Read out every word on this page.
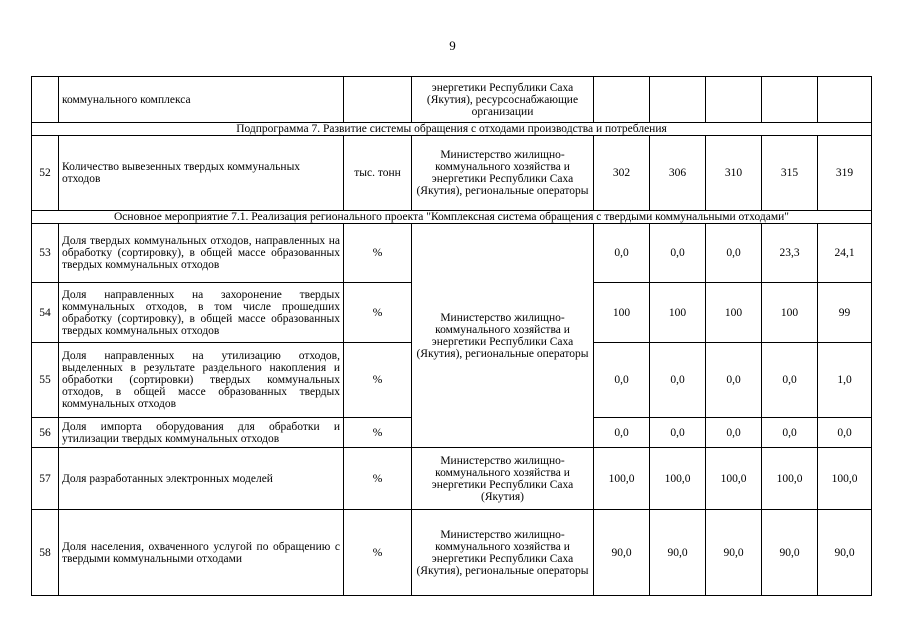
9
	коммунального комплекса		энергетики Республики Саха (Якутия), ресурсоснабжающие организации					
Подпрограмма 7. Развитие системы обращения с отходами производства и потребления								
52	Количество вывезенных твердых коммунальных отходов	тыс. тонн	Министерство жилищно-коммунального хозяйства и энергетики Республики Саха (Якутия), региональные операторы	302	306	310	315	319
Основное мероприятие 7.1. Реализация регионального проекта "Комплексная система обращения с твердыми коммунальными отходами"								
53	Доля твердых коммунальных отходов, направленных на обработку (сортировку), в общей массе образованных твердых коммунальных отходов	%	Министерство жилищно-коммунального хозяйства и энергетики Республики Саха (Якутия), региональные операторы	0,0	0,0	0,0	23,3	24,1
54	Доля направленных на захоронение твердых коммунальных отходов, в том числе прошедших обработку (сортировку), в общей массе образованных твердых коммунальных отходов	%		100	100	100	100	99
55	Доля направленных на утилизацию отходов, выделенных в результате раздельного накопления и обработки (сортировки) твердых коммунальных отходов, в общей массе образованных твердых коммунальных отходов	%		0,0	0,0	0,0	0,0	1,0
56	Доля импорта оборудования для обработки и утилизации твердых коммунальных отходов	%		0,0	0,0	0,0	0,0	0,0
57	Доля разработанных электронных моделей	%	Министерство жилищно-коммунального хозяйства и энергетики Республики Саха (Якутия)	100,0	100,0	100,0	100,0	100,0
58	Доля населения, охваченного услугой по обращению с твердыми коммунальными отходами	%	Министерство жилищно-коммунального хозяйства и энергетики Республики Саха (Якутия), региональные операторы	90,0	90,0	90,0	90,0	90,0
